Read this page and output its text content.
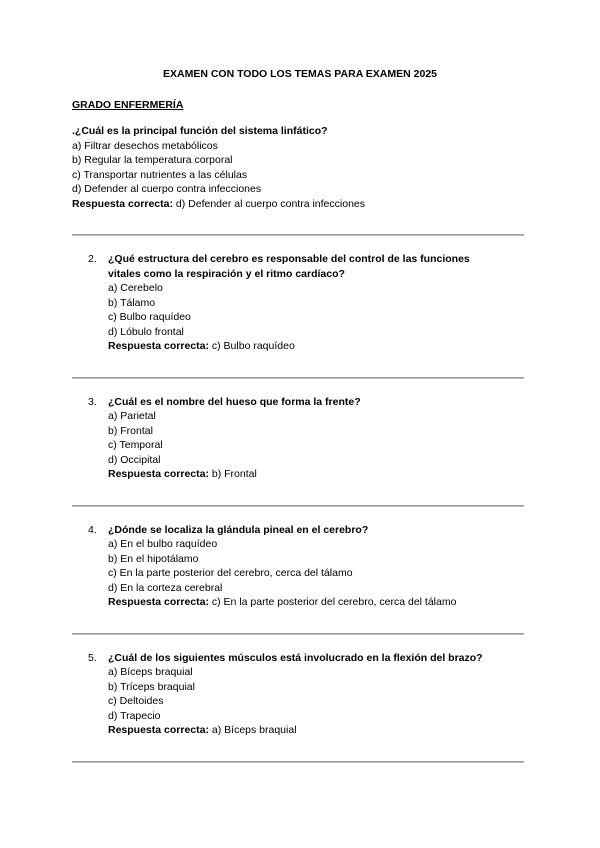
EXAMEN CON TODO LOS TEMAS PARA EXAMEN 2025
GRADO ENFERMERÍA
.¿Cuál es la principal función del sistema linfático?
a) Filtrar desechos metabólicos
b) Regular la temperatura corporal
c) Transportar nutrientes a las células
d) Defender al cuerpo contra infecciones
Respuesta correcta: d) Defender al cuerpo contra infecciones
2.	¿Qué estructura del cerebro es responsable del control de las funciones
vitales como la respiración y el ritmo cardíaco?
a) Cerebelo
b) Tálamo
c) Bulbo raquídeo
d) Lóbulo frontal
Respuesta correcta: c) Bulbo raquídeo
3.	¿Cuál es el nombre del hueso que forma la frente?
a) Parietal
b) Frontal
c) Temporal
d) Occipital
Respuesta correcta: b) Frontal
4.	¿Dónde se localiza la glándula pineal en el cerebro?
a) En el bulbo raquídeo
b) En el hipotálamo
c) En la parte posterior del cerebro, cerca del tálamo
d) En la corteza cerebral
Respuesta correcta: c) En la parte posterior del cerebro, cerca del tálamo
5.	¿Cuál de los siguientes músculos está involucrado en la flexión del brazo?
a) Bíceps braquial
b) Tríceps braquial
c) Deltoides
d) Trapecio
Respuesta correcta: a) Bíceps braquial
